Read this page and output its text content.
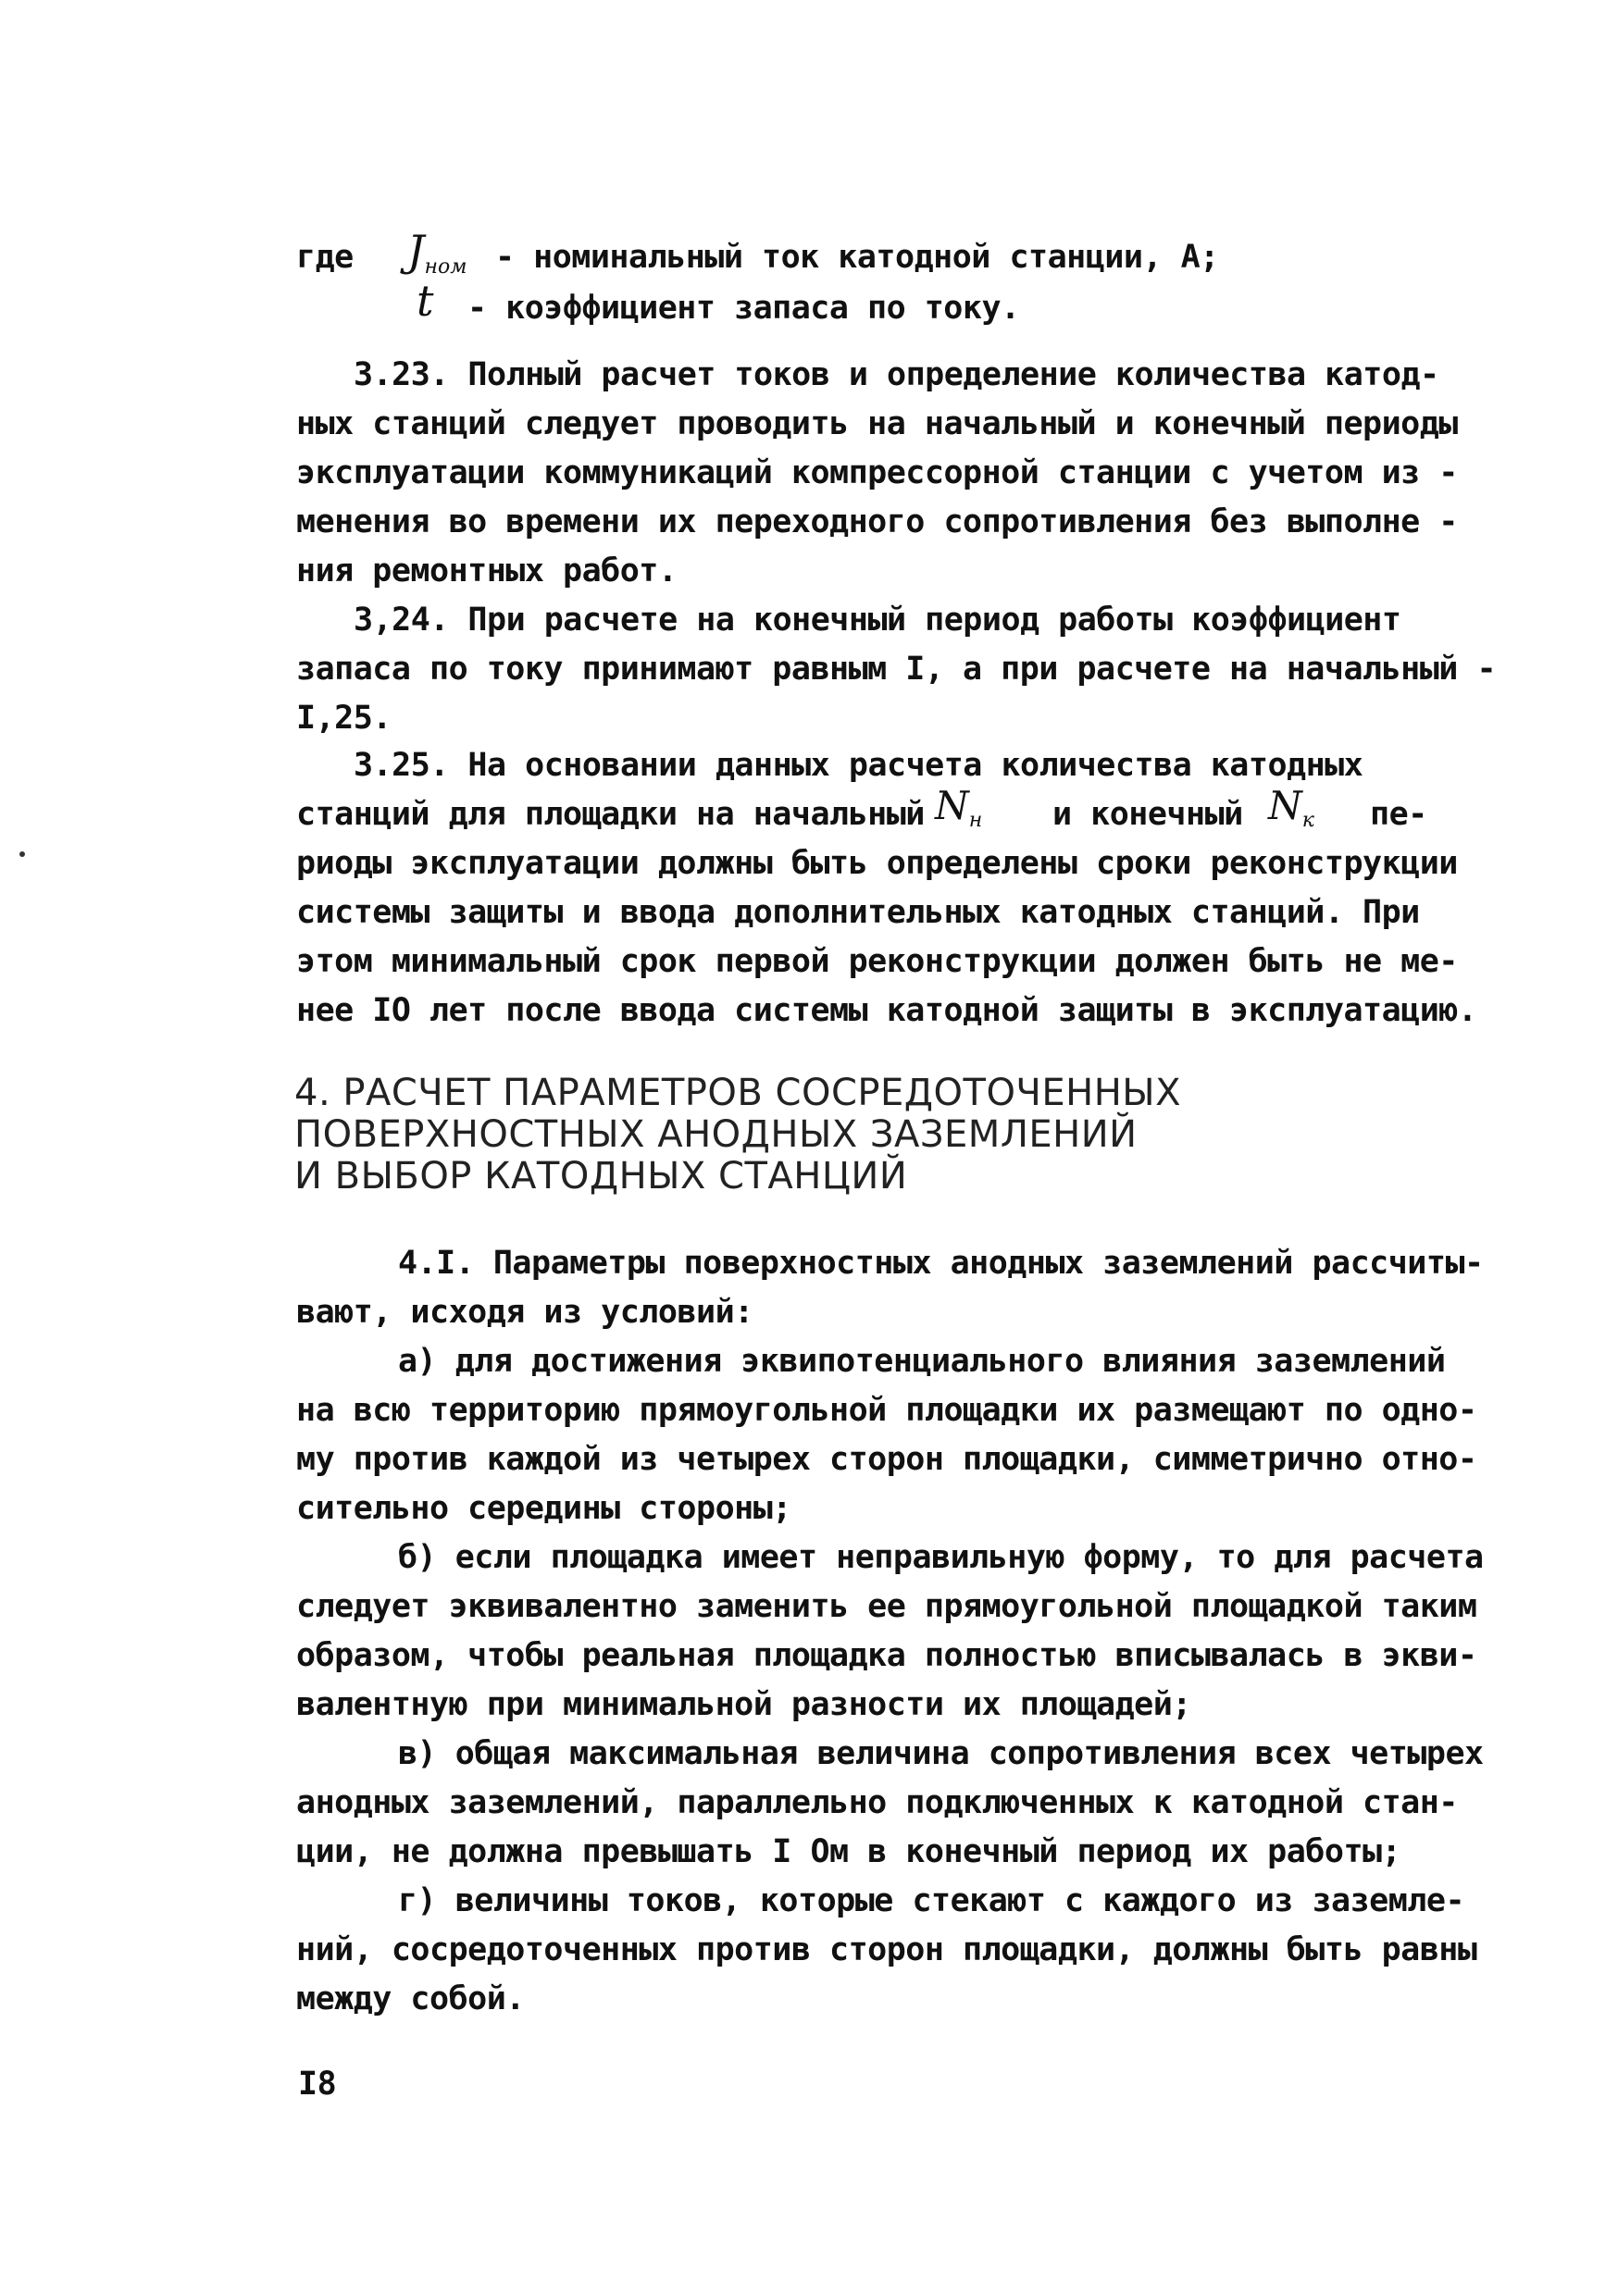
где $J_{ном}$ - номинальный ток катодной станции, А;
t - коэффициент запаса по току.
3.23. Полный расчет токов и определение количества катод-
ных станций следует проводить на начальный и конечный периоды
эксплуатации коммуникаций компрессорной станции с учетом из -
менения во времени их переходного сопротивления без выполне -
ния ремонтных работ.
3,24. При расчете на конечный период работы коэффициент
запаса по току принимают равным I, а при расчете на начальный -
I,25.
3.25. На основании данных расчета количества катодных
станций для площадки на начальный $N_н$ и конечный $N_к$ пе-
риоды эксплуатации должны быть определены сроки реконструкции
системы защиты и ввода дополнительных катодных станций. При
этом минимальный срок первой реконструкции должен быть не ме-
нее IO лет после ввода системы катодной защиты в эксплуатацию.
4. РАСЧЕТ ПАРАМЕТРОВ СОСРЕДОТОЧЕННЫХ
ПОВЕРХНОСТНЫХ АНОДНЫХ ЗАЗЕМЛЕНИЙ
И ВЫБОР КАТОДНЫХ СТАНЦИЙ
4.I. Параметры поверхностных анодных заземлений рассчиты-
вают, исходя из условий:
а) для достижения эквипотенциального влияния заземлений
на всю территорию прямоугольной площадки их размещают по одно-
му против каждой из четырех сторон площадки, симметрично отно-
сительно середины стороны;
б) если площадка имеет неправильную форму, то для расчета
следует эквивалентно заменить ее прямоугольной площадкой таким
образом, чтобы реальная площадка полностью вписывалась в экви-
валентную при минимальной разности их площадей;
в) общая максимальная величина сопротивления всех четырех
анодных заземлений, параллельно подключенных к катодной стан-
ции, не должна превышать I Ом в конечный период их работы;
г) величины токов, которые стекают с каждого из заземле-
ний, сосредоточенных против сторон площадки, должны быть равны
между собой.
I8
